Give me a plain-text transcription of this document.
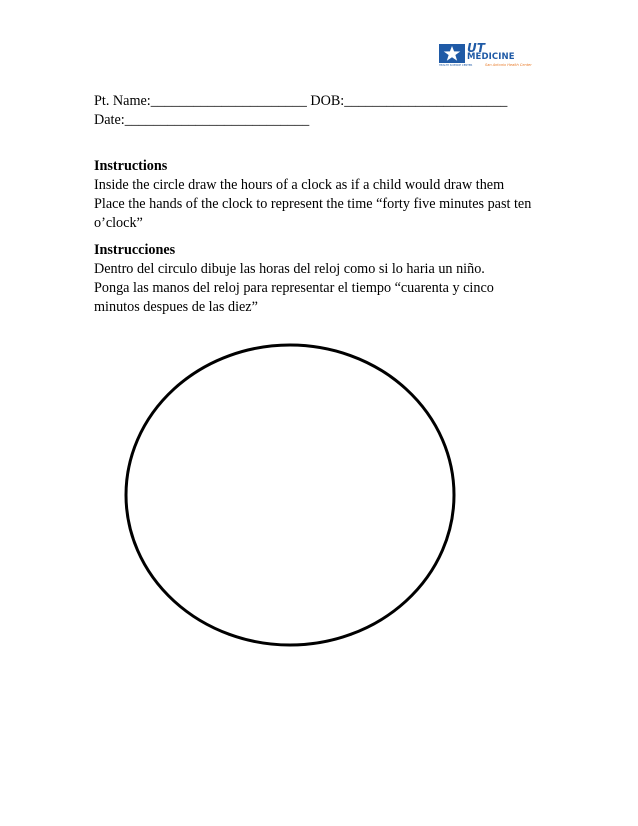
HEALTH SCIENCE CENTER
UT
MEDICINE
San Antonio Health Center
Pt. Name:______________________ DOB:_______________________
Date:__________________________
Instructions
Inside the circle draw the hours of a clock as if a child would draw them
Place the hands of the clock to represent the time “forty five minutes past ten
o’clock”
Instrucciones
Dentro del circulo dibuje las horas del reloj como si lo haria un niño.
Ponga las manos del reloj para representar el tiempo “cuarenta y cinco
minutos despues de las diez”
